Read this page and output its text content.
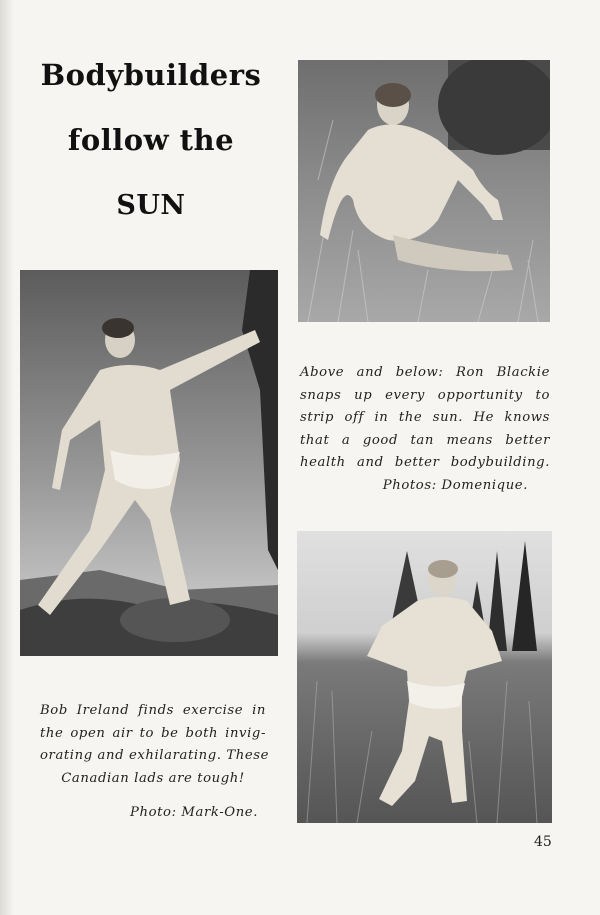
Bodybuilders
follow the
SUN
Above and below: Ron Blackie
snaps up every opportunity to
strip off in the sun. He knows
that a good tan means better
health and better bodybuilding.
Photos: Domenique.
Bob Ireland finds exercise in
the open air to be both invig-
orating and exhilarating. These
Canadian lads are tough!
Photo: Mark-One.
45
